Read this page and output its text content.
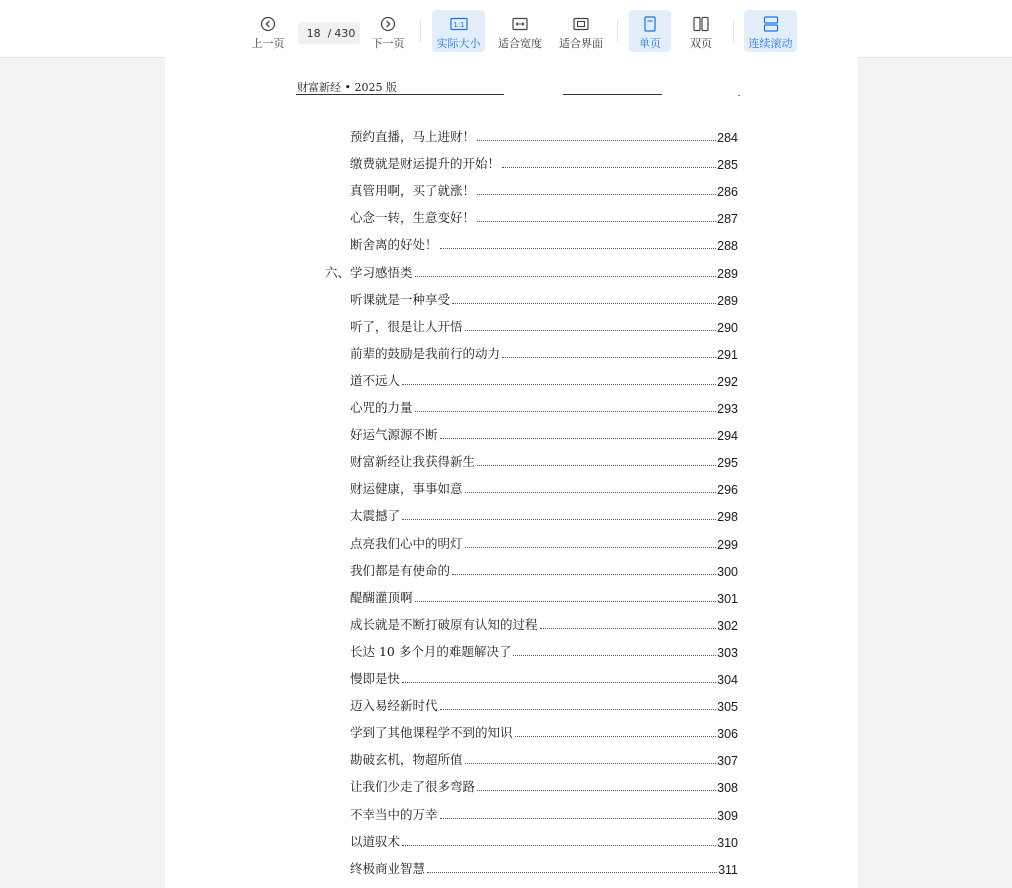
上一页
18
/ 430
下一页
1:1
实际大小 适合宽度 适合界面	单页	双页	连续滚动
财富新经 • 2025 版
预约直播，马上进财！	284
缴费就是财运提升的开始！	285
真管用啊，买了就涨！	286
心念一转，生意变好！	287
断舍离的好处！	288
六、学习感悟类	289
听课就是一种享受	289
听了，很是让人开悟	290
前辈的鼓励是我前行的动力	291
道不远人	292
心咒的力量	293
好运气源源不断	294
财富新经让我获得新生	295
财运健康，事事如意	296
太震撼了	298
点亮我们心中的明灯	299
我们都是有使命的	300
醍醐灌顶啊	301
成长就是不断打破原有认知的过程	302
长达 10 多个月的难题解决了	303
慢即是快	304
迈入易经新时代	305
学到了其他课程学不到的知识	306
勘破玄机，物超所值	307
让我们少走了很多弯路	308
不幸当中的万幸	309
以道驭术	310
终极商业智慧	311
